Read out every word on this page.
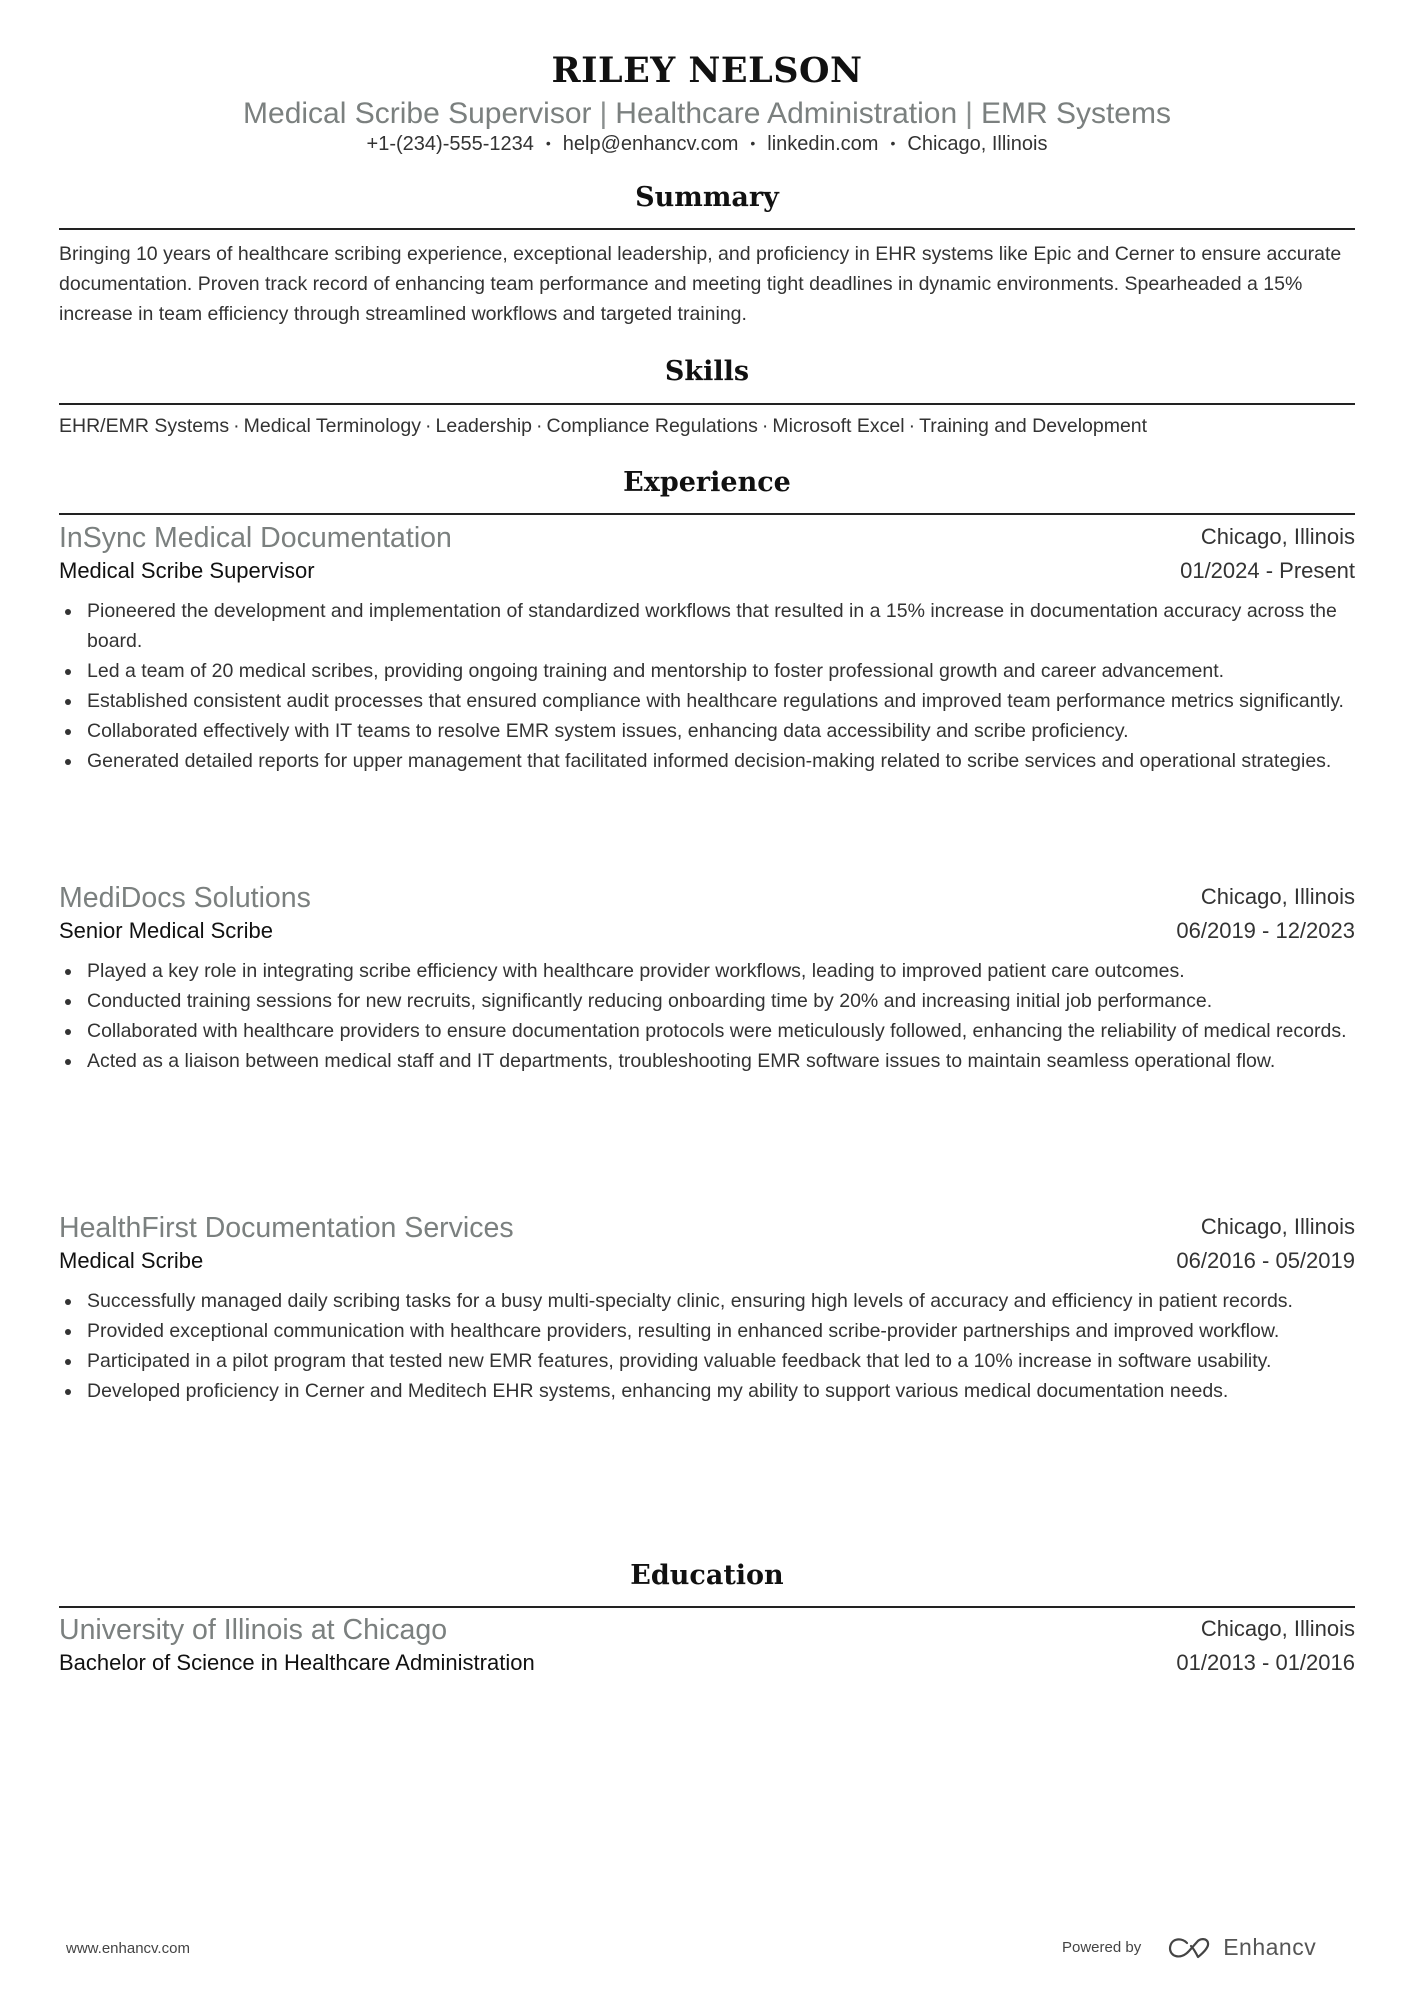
RILEY NELSON
Medical Scribe Supervisor | Healthcare Administration | EMR Systems
+1-(234)-555-1234 • help@enhancv.com • linkedin.com • Chicago, Illinois
Summary
Bringing 10 years of healthcare scribing experience, exceptional leadership, and proficiency in EHR systems like Epic and Cerner to ensure accurate documentation. Proven track record of enhancing team performance and meeting tight deadlines in dynamic environments. Spearheaded a 15% increase in team efficiency through streamlined workflows and targeted training.
Skills
EHR/EMR Systems · Medical Terminology · Leadership · Compliance Regulations · Microsoft Excel · Training and Development
Experience
InSync Medical Documentation	Chicago, Illinois
Medical Scribe Supervisor	01/2024 - Present
Pioneered the development and implementation of standardized workflows that resulted in a 15% increase in documentation accuracy across the board.
Led a team of 20 medical scribes, providing ongoing training and mentorship to foster professional growth and career advancement.
Established consistent audit processes that ensured compliance with healthcare regulations and improved team performance metrics significantly.
Collaborated effectively with IT teams to resolve EMR system issues, enhancing data accessibility and scribe proficiency.
Generated detailed reports for upper management that facilitated informed decision-making related to scribe services and operational strategies.
MediDocs Solutions	Chicago, Illinois
Senior Medical Scribe	06/2019 - 12/2023
Played a key role in integrating scribe efficiency with healthcare provider workflows, leading to improved patient care outcomes.
Conducted training sessions for new recruits, significantly reducing onboarding time by 20% and increasing initial job performance.
Collaborated with healthcare providers to ensure documentation protocols were meticulously followed, enhancing the reliability of medical records.
Acted as a liaison between medical staff and IT departments, troubleshooting EMR software issues to maintain seamless operational flow.
HealthFirst Documentation Services	Chicago, Illinois
Medical Scribe	06/2016 - 05/2019
Successfully managed daily scribing tasks for a busy multi-specialty clinic, ensuring high levels of accuracy and efficiency in patient records.
Provided exceptional communication with healthcare providers, resulting in enhanced scribe-provider partnerships and improved workflow.
Participated in a pilot program that tested new EMR features, providing valuable feedback that led to a 10% increase in software usability.
Developed proficiency in Cerner and Meditech EHR systems, enhancing my ability to support various medical documentation needs.
Education
University of Illinois at Chicago	Chicago, Illinois
Bachelor of Science in Healthcare Administration	01/2013 - 01/2016
www.enhancv.com	Powered by	Enhancv
